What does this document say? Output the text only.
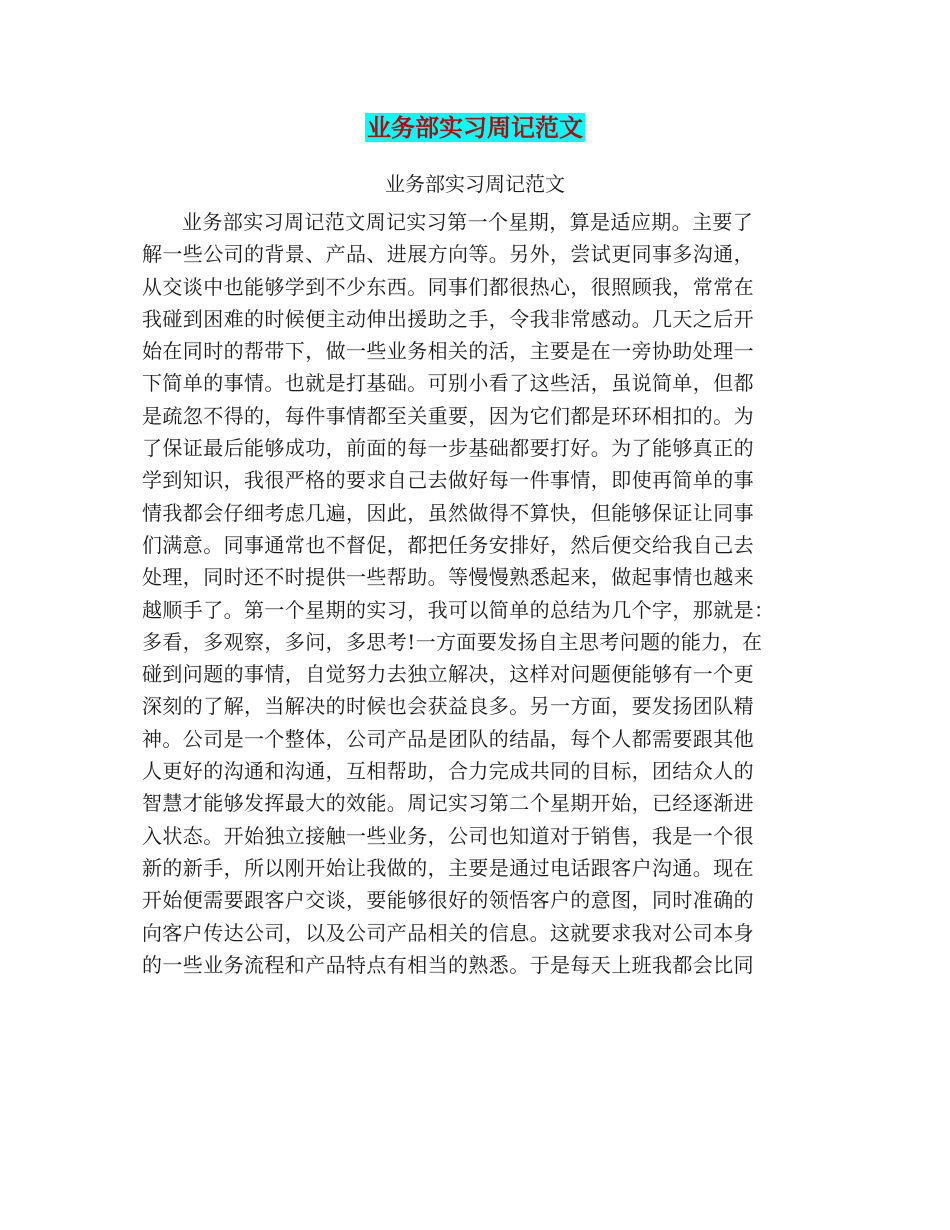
业务部实习周记范文

业务部实习周记范文

业务部实习周记范文周记实习第一个星期，算是适应期。主要了
解一些公司的背景、产品、进展方向等。另外，尝试更同事多沟通，
从交谈中也能够学到不少东西。同事们都很热心，很照顾我，常常在
我碰到困难的时候便主动伸出援助之手，令我非常感动。几天之后开
始在同时的帮带下，做一些业务相关的活，主要是在一旁协助处理一
下简单的事情。也就是打基础。可别小看了这些活，虽说简单，但都
是疏忽不得的，每件事情都至关重要，因为它们都是环环相扣的。为
了保证最后能够成功，前面的每一步基础都要打好。为了能够真正的
学到知识，我很严格的要求自己去做好每一件事情，即使再简单的事
情我都会仔细考虑几遍，因此，虽然做得不算快，但能够保证让同事
们满意。同事通常也不督促，都把任务安排好，然后便交给我自己去
处理，同时还不时提供一些帮助。等慢慢熟悉起来，做起事情也越来
越顺手了。第一个星期的实习，我可以简单的总结为几个字，那就是：
多看，多观察，多问，多思考!一方面要发扬自主思考问题的能力，在
碰到问题的事情，自觉努力去独立解决，这样对问题便能够有一个更
深刻的了解，当解决的时候也会获益良多。另一方面，要发扬团队精
神。公司是一个整体，公司产品是团队的结晶，每个人都需要跟其他
人更好的沟通和沟通，互相帮助，合力完成共同的目标，团结众人的
智慧才能够发挥最大的效能。周记实习第二个星期开始，已经逐渐进
入状态。开始独立接触一些业务，公司也知道对于销售，我是一个很
新的新手，所以刚开始让我做的，主要是通过电话跟客户沟通。现在
开始便需要跟客户交谈，要能够很好的领悟客户的意图，同时准确的
向客户传达公司，以及公司产品相关的信息。这就要求我对公司本身
的一些业务流程和产品特点有相当的熟悉。于是每天上班我都会比同
